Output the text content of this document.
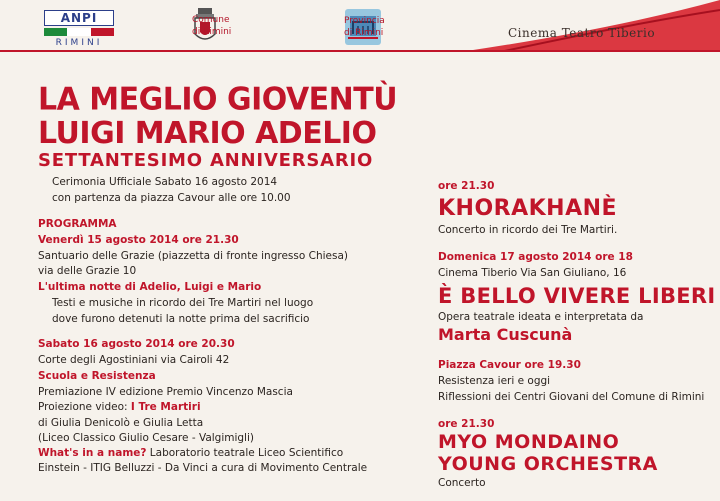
ANPI
RIMINI
Comune
di Rimini
Provincia
di Rimini	Cinema Teatro Tiberio
LA MEGLIO GIOVENTÙ
LUIGI MARIO ADELIO
SETTANTESIMO ANNIVERSARIO
Cerimonia Ufficiale Sabato 16 agosto 2014
con partenza da piazza Cavour alle ore 10.00
PROGRAMMA
Venerdì 15 agosto 2014 ore 21.30
Santuario delle Grazie (piazzetta di fronte ingresso Chiesa)
via delle Grazie 10
L'ultima notte di Adelio, Luigi e Mario
Testi e musiche in ricordo dei Tre Martiri nel luogo
dove furono detenuti la notte prima del sacrificio
Sabato 16 agosto 2014 ore 20.30
Corte degli Agostiniani via Cairoli 42
Scuola e Resistenza
Premiazione IV edizione Premio Vincenzo Mascia
Proiezione video: I Tre Martiri
di Giulia Denicolò e Giulia Letta
(Liceo Classico Giulio Cesare - Valgimigli)
What's in a name? Laboratorio teatrale Liceo Scientifico
Einstein - ITIG Belluzzi - Da Vinci a cura di Movimento Centrale
ore 21.30
KHORAKHANÈ
Concerto in ricordo dei Tre Martiri.
Domenica 17 agosto 2014 ore 18
Cinema Tiberio Via San Giuliano, 16
È BELLO VIVERE LIBERI
Opera teatrale ideata e interpretata da
Marta Cuscunà
Piazza Cavour ore 19.30
Resistenza ieri e oggi
Riflessioni dei Centri Giovani del Comune di Rimini
ore 21.30
MYO MONDAINO
YOUNG ORCHESTRA
Concerto
